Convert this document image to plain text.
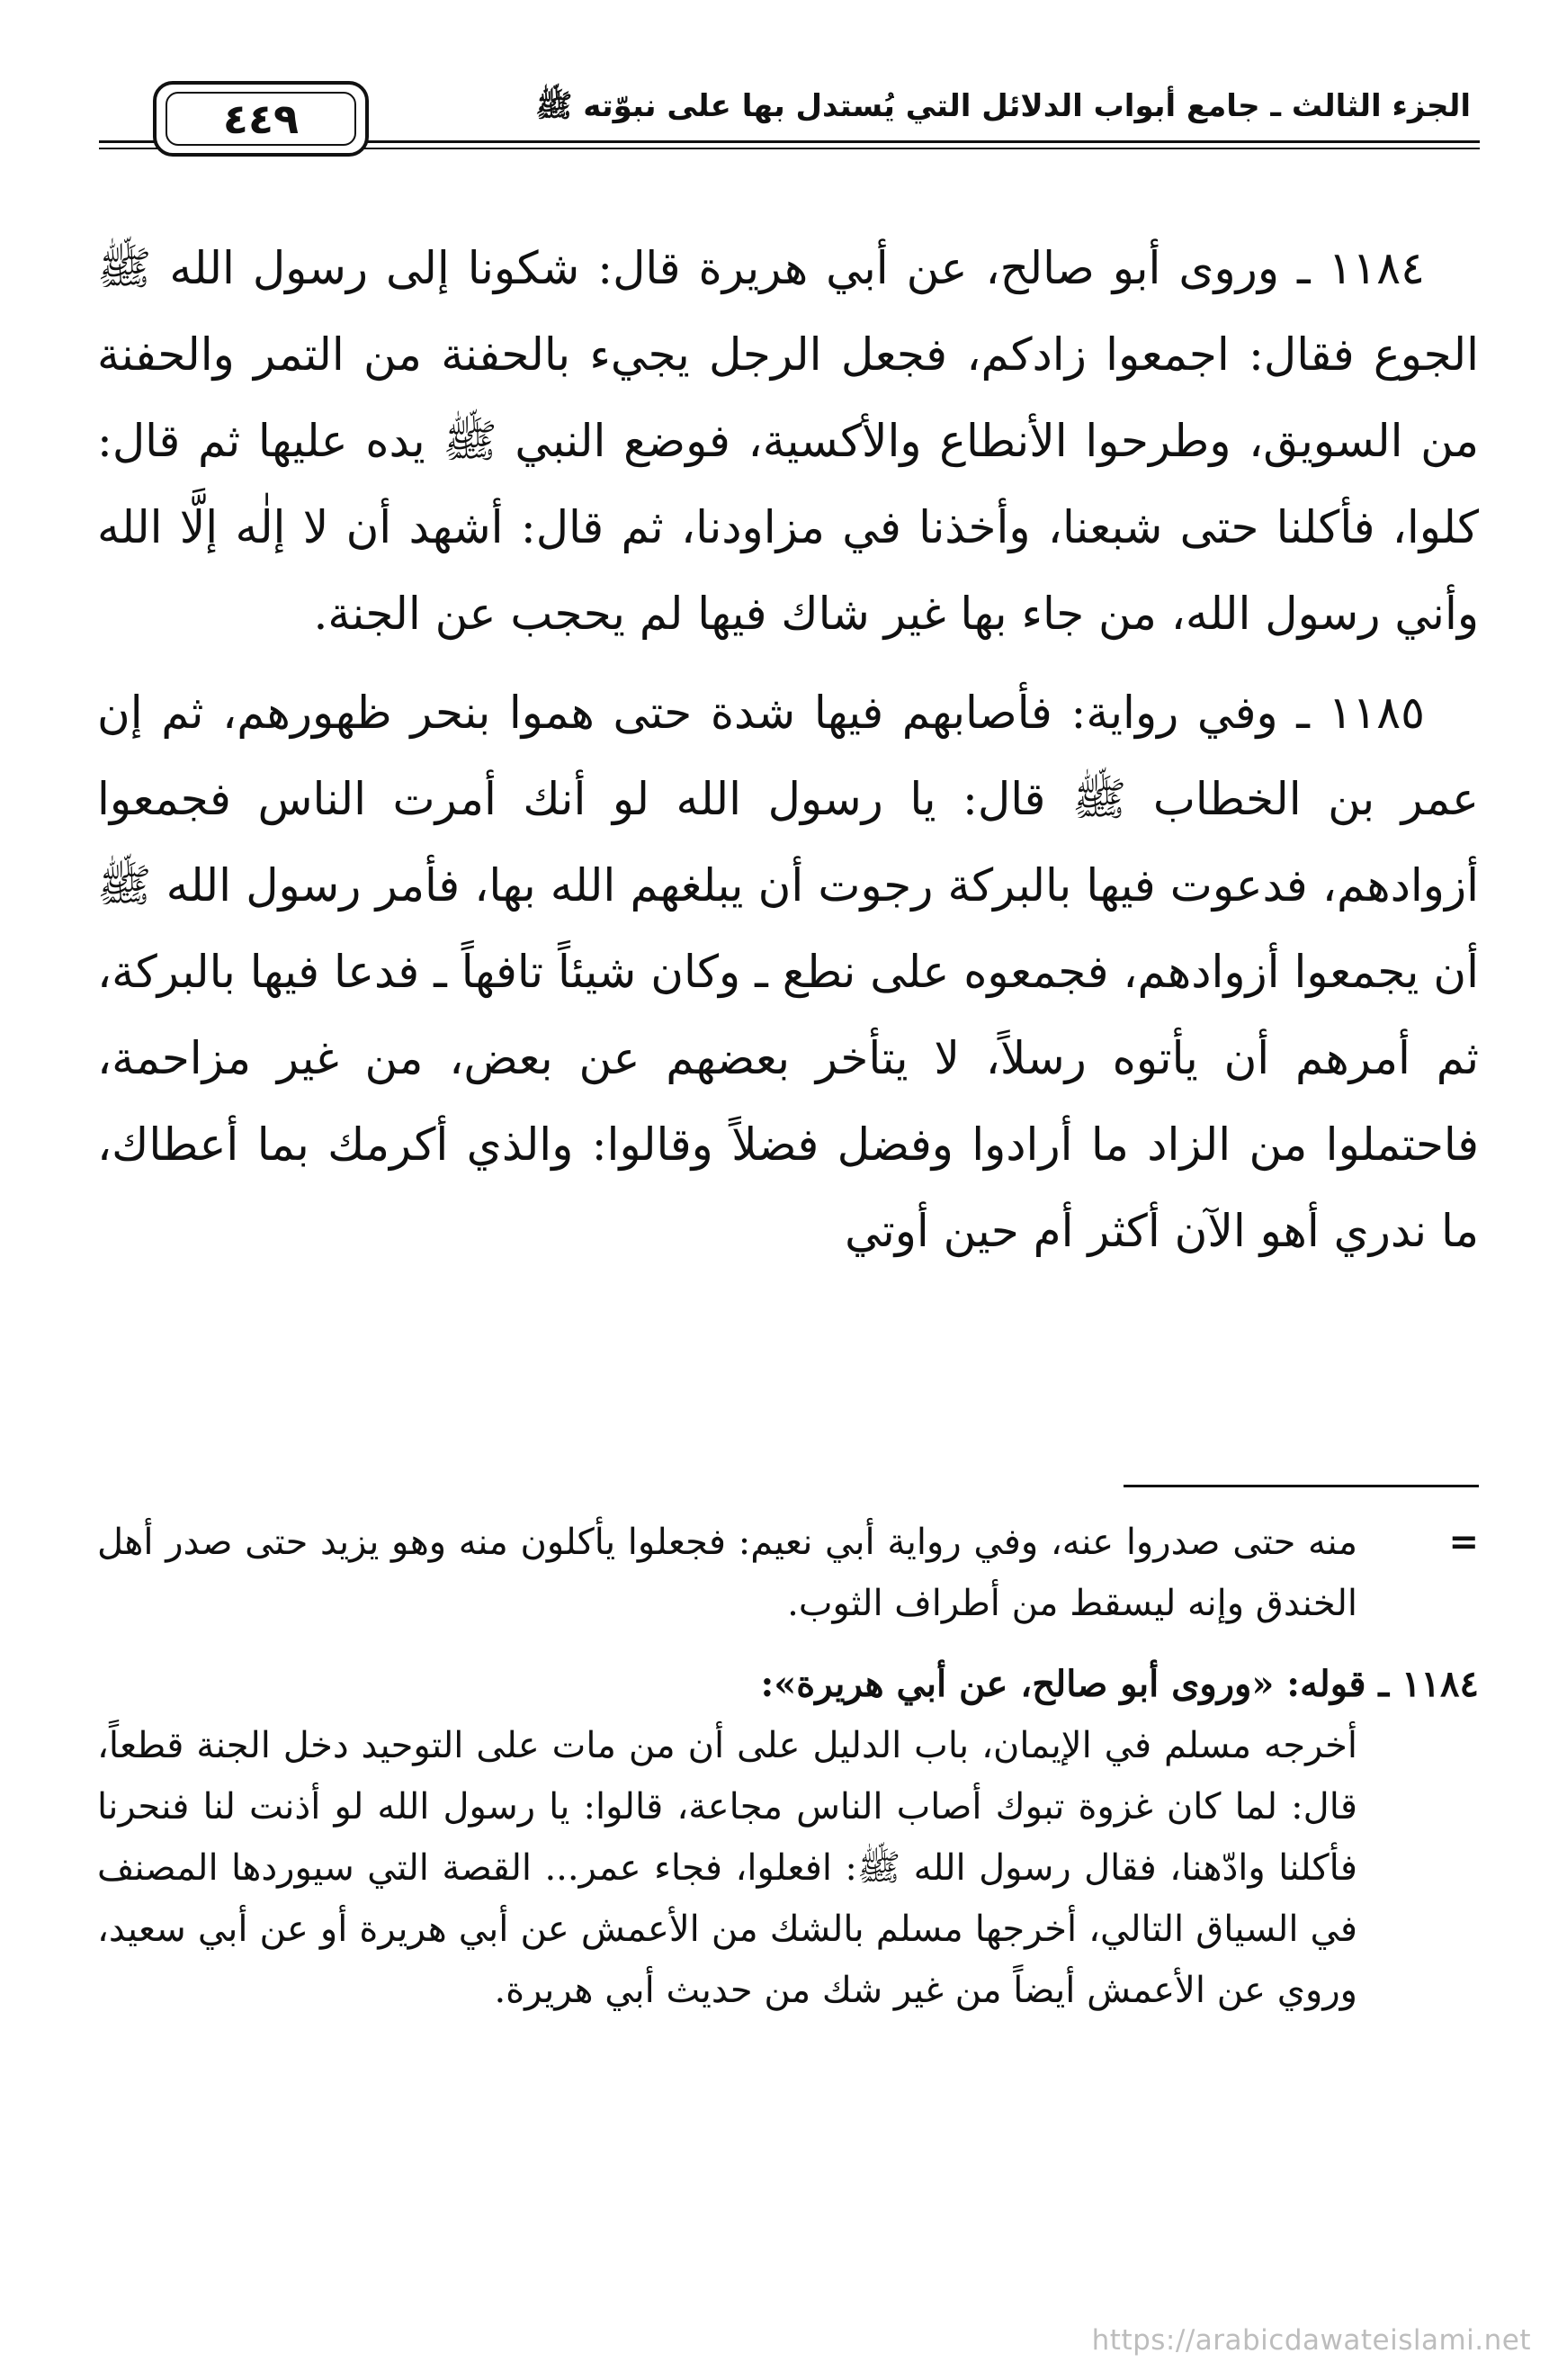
الجزء الثالث ـ جامع أبواب الدلائل التي يُستدل بها على نبوّته ﷺ
٤٤٩

١١٨٤ ـ وروى أبو صالح، عن أبي هريرة قال: شكونا إلى رسول الله ﷺ الجوع فقال: اجمعوا زادكم، فجعل الرجل يجيء بالحفنة من التمر والحفنة من السويق، وطرحوا الأنطاع والأكسية، فوضع النبي ﷺ يده عليها ثم قال: كلوا، فأكلنا حتى شبعنا، وأخذنا في مزاودنا، ثم قال: أشهد أن لا إلٰه إلَّا الله وأني رسول الله، من جاء بها غير شاك فيها لم يحجب عن الجنة.

١١٨٥ ـ وفي رواية: فأصابهم فيها شدة حتى هموا بنحر ظهورهم، ثم إن عمر بن الخطاب ﷺ قال: يا رسول الله لو أنك أمرت الناس فجمعوا أزوادهم، فدعوت فيها بالبركة رجوت أن يبلغهم الله بها، فأمر رسول الله ﷺ أن يجمعوا أزوادهم، فجمعوه على نطع ـ وكان شيئاً تافهاً ـ فدعا فيها بالبركة، ثم أمرهم أن يأتوه رسلاً، لا يتأخر بعضهم عن بعض، من غير مزاحمة، فاحتملوا من الزاد ما أرادوا وفضل فضلاً وقالوا: والذي أكرمك بما أعطاك، ما ندري أهو الآن أكثر أم حين أوتي

=
منه حتى صدروا عنه، وفي رواية أبي نعيم: فجعلوا يأكلون منه وهو يزيد حتى صدر أهل الخندق وإنه ليسقط من أطراف الثوب.

١١٨٤ ـ قوله: «وروى أبو صالح، عن أبي هريرة»:

أخرجه مسلم في الإيمان، باب الدليل على أن من مات على التوحيد دخل الجنة قطعاً، قال: لما كان غزوة تبوك أصاب الناس مجاعة، قالوا: يا رسول الله لو أذنت لنا فنحرنا فأكلنا وادّهنا، فقال رسول الله ﷺ: افعلوا، فجاء عمر... القصة التي سيوردها المصنف في السياق التالي، أخرجها مسلم بالشك من الأعمش عن أبي هريرة أو عن أبي سعيد، وروي عن الأعمش أيضاً من غير شك من حديث أبي هريرة.

https://arabicdawateislami.net
